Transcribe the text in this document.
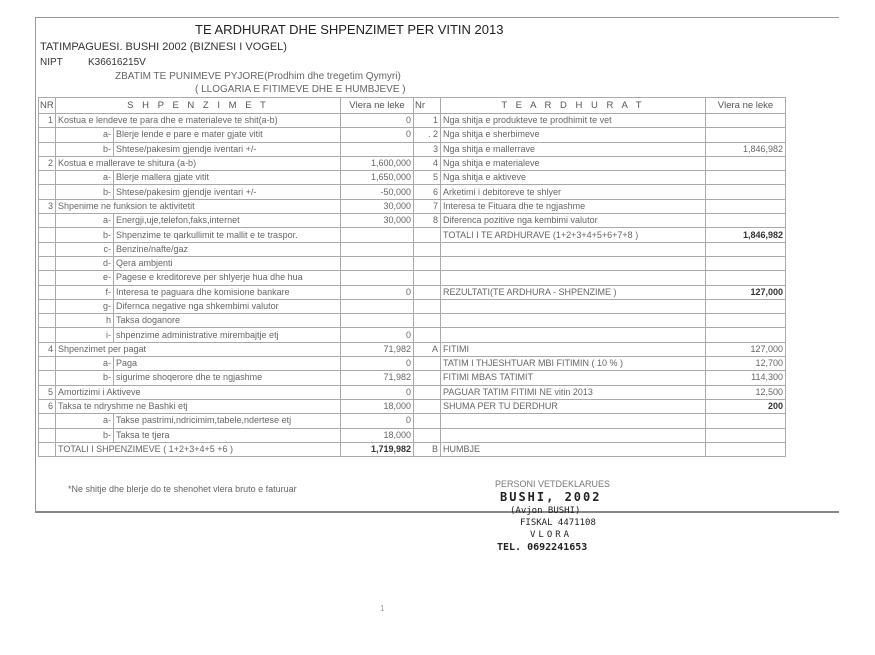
TE ARDHURAT DHE SHPENZIMET PER VITIN 2013
TATIMPAGUESI. BUSHI 2002 (BIZNESI I VOGEL)
NIPT	K36616215V
ZBATIM TE PUNIMEVE PYJORE(Prodhim dhe tregetim Qymyri)
( LLOGARIA E FITIMEVE DHE E HUMBJEVE )
NR	S H P E N Z I M E T		Vlera ne leke	Nr	T E A R D H U R A T	Vlera ne leke
1	Kostua e lendeve te para dhe e materialeve te shit(a-b)		0	1	Nga shitja e produkteve te prodhimit te vet	
	a-	Blerje lende e pare e mater gjate vitit	0	. 2	Nga shitja e sherbimeve	
	b-	Shtese/pakesim gjendje iventari +/-		3	Nga shitja e mallerrave	1,846,982
2	Kostua e mallerave te shitura (a-b)		1,600,000	4	Nga shitja e materialeve	
	a-	Blerje mallera gjate vitit	1,650,000	5	Nga shitja e aktiveve	
	b-	Shtese/pakesim gjendje iventari +/-	-50,000	6	Arketimi i debitoreve te shlyer	
3	Shpenime ne funksion te aktivitetit		30,000	7	Interesa te Fituara dhe te ngjashme	
	a-	Energji,uje,telefon,faks,internet	30,000	8	Diferenca pozitive nga kembimi valutor	
	b-	Shpenzime te qarkullimit te mallit e te traspor.			TOTALI I TE ARDHURAVE (1+2+3+4+5+6+7+8 )	1,846,982
	c-	Benzine/nafte/gaz				
	d-	Qera ambjenti				
	e-	Pagese e kreditoreve per shlyerje hua dhe hua				
	f-	Interesa te paguara dhe komisione bankare	0		REZULTATI(TE ARDHURA - SHPENZIME )	127,000
	g-	Difernca negative nga shkembimi valutor				
	h	Taksa doganore				
	i-	shpenzime administrative mirembajtje etj	0			
4	Shpenzimet per pagat		71,982	A	FITIMI	127,000
	a-	Paga	0		TATIM I THJESHTUAR MBI FITIMIN ( 10 % )	12,700
	b-	sigurime shoqerore dhe te ngjashme	71,982		FITIMI MBAS TATIMIT	114,300
5	Amortizimi i Aktiveve		0		PAGUAR TATIM FITIMI NE vitin 2013	12,500
6	Taksa te ndryshme ne Bashki etj		18,000		SHUMA PER TU DERDHUR	200
	a-	Takse pastrimi,ndricimim,tabele,ndertese etj	0			
	b-	Taksa te tjera	18,000			
	TOTALI I SHPENZIMEVE ( 1+2+3+4+5 +6 )		1,719,982	B	HUMBJE	
*Ne shitje dhe blerje do te shenohet vlera bruto e faturuar	PERSONI VETDEKLARUES
BUSHI, 2002
(Avjon BUSHI)
FISKAL 4471108
VLORA
TEL. 0692241653
1
